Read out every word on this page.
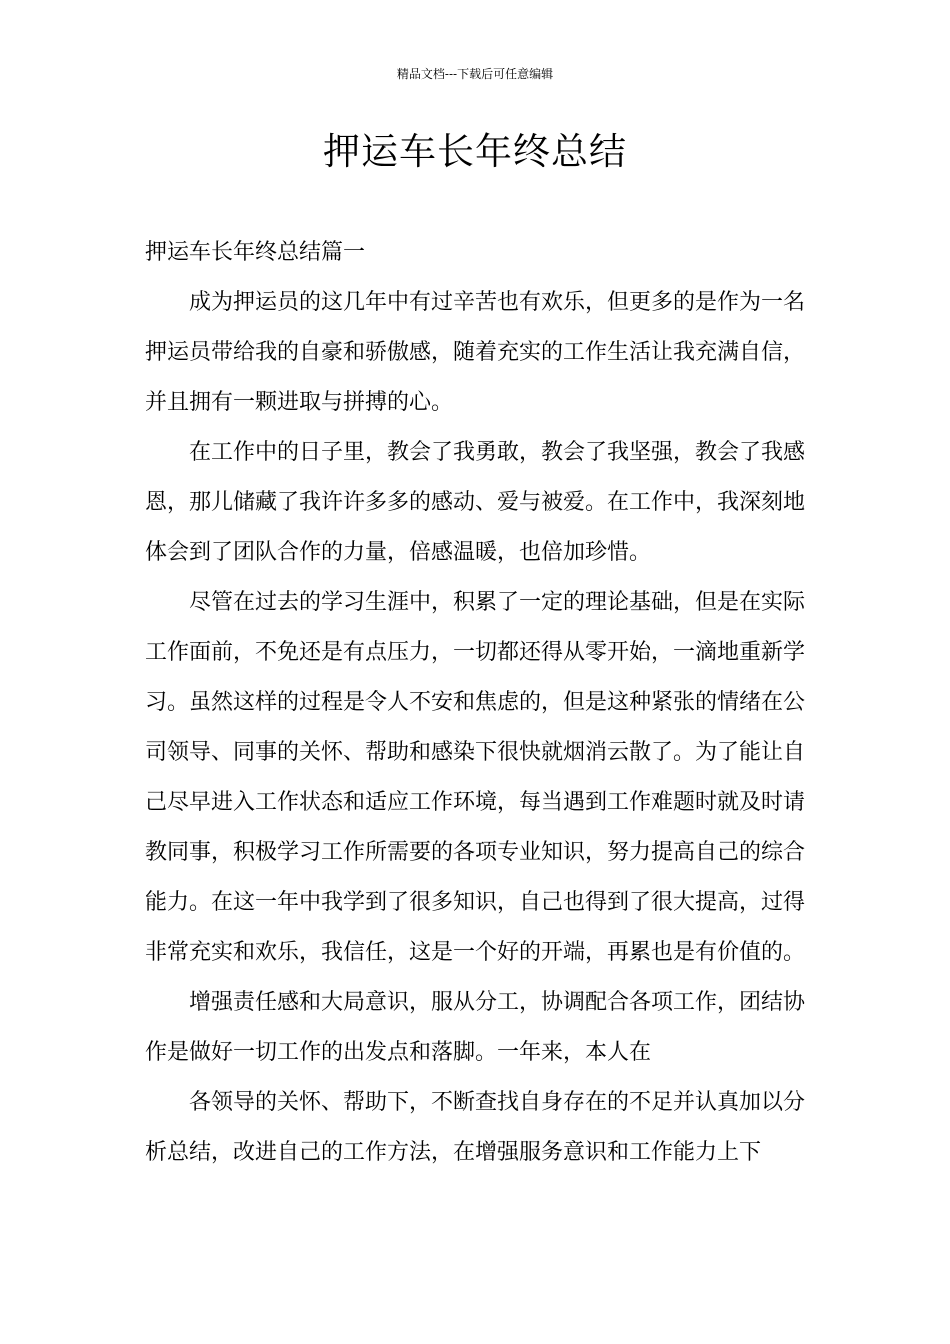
精品文档---下载后可任意编辑
押运车长年终总结

押运车长年终总结篇一

成为押运员的这几年中有过辛苦也有欢乐，但更多的是作为一名押运员带给我的自豪和骄傲感，随着充实的工作生活让我充满自信，并且拥有一颗进取与拼搏的心。

在工作中的日子里，教会了我勇敢，教会了我坚强，教会了我感恩，那儿储藏了我许许多多的感动、爱与被爱。在工作中，我深刻地体会到了团队合作的力量，倍感温暖，也倍加珍惜。

尽管在过去的学习生涯中，积累了一定的理论基础，但是在实际工作面前，不免还是有点压力，一切都还得从零开始，一滴地重新学习。虽然这样的过程是令人不安和焦虑的，但是这种紧张的情绪在公司领导、同事的关怀、帮助和感染下很快就烟消云散了。为了能让自己尽早进入工作状态和适应工作环境，每当遇到工作难题时就及时请教同事，积极学习工作所需要的各项专业知识，努力提高自己的综合能力。在这一年中我学到了很多知识，自己也得到了很大提高，过得非常充实和欢乐，我信任，这是一个好的开端，再累也是有价值的。

增强责任感和大局意识，服从分工，协调配合各项工作，团结协作是做好一切工作的出发点和落脚。一年来，本人在

各领导的关怀、帮助下，不断查找自身存在的不足并认真加以分析总结，改进自己的工作方法，在增强服务意识和工作能力上下
